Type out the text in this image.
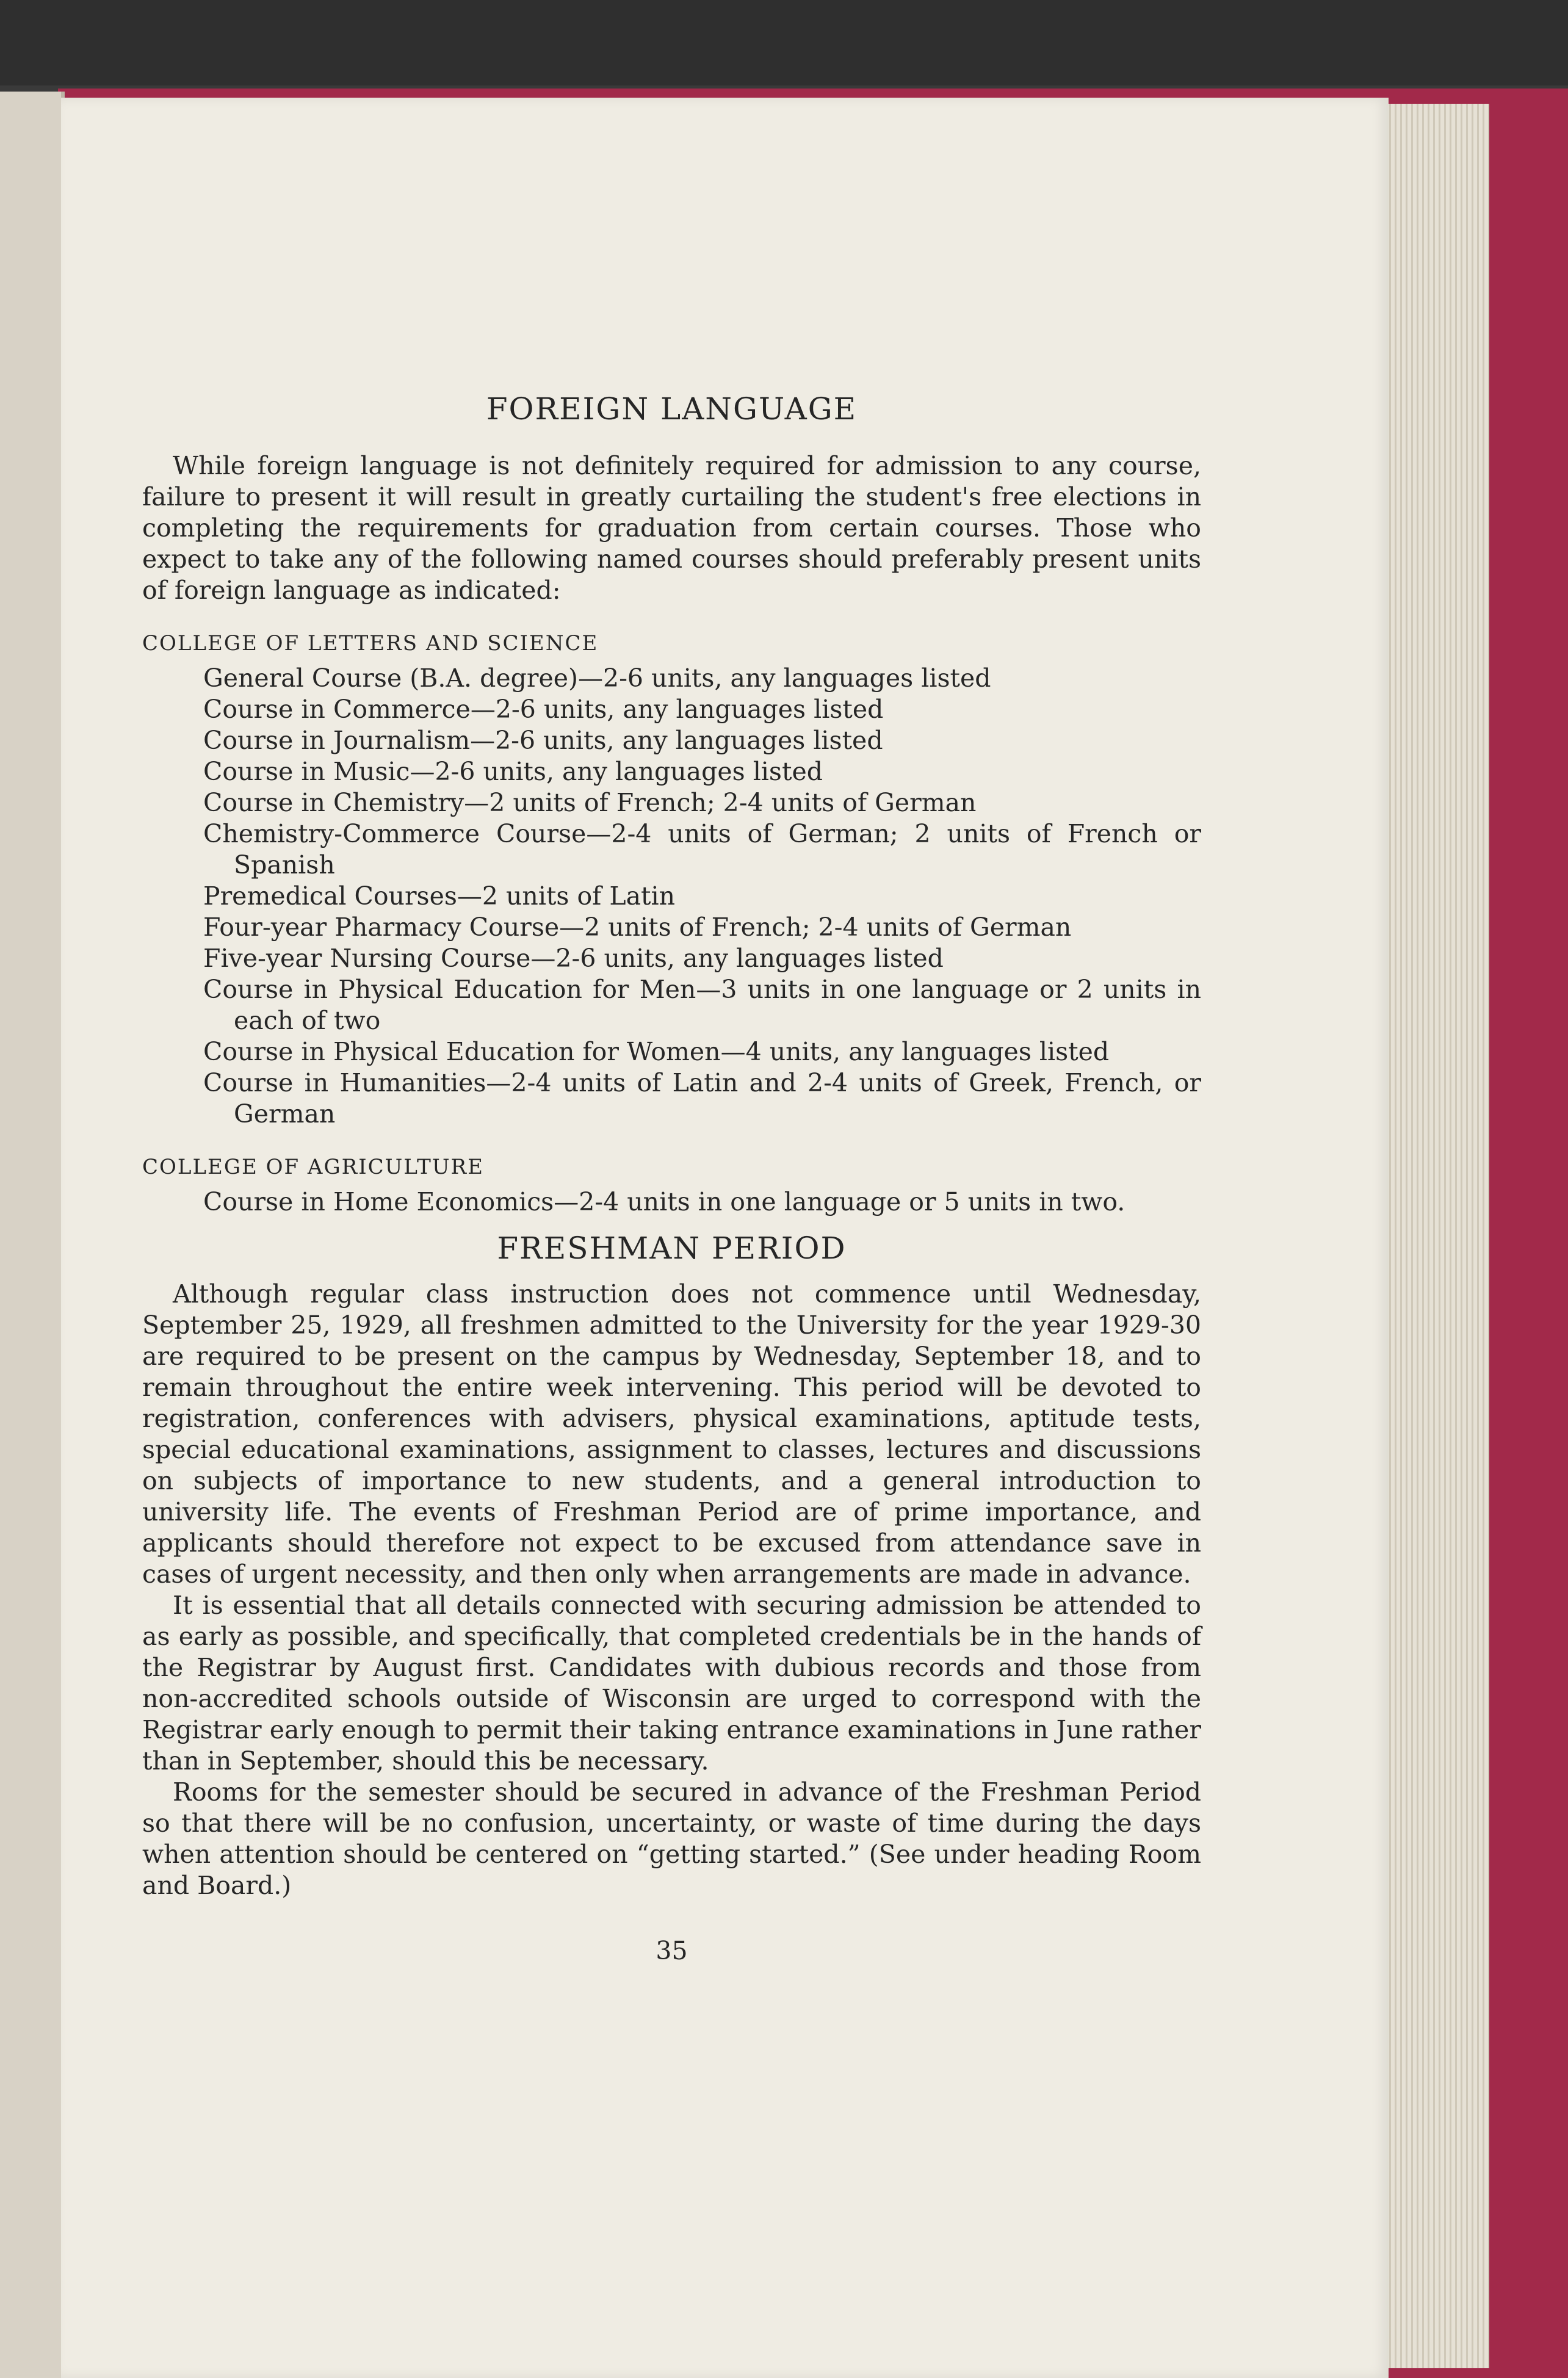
FOREIGN LANGUAGE

While foreign language is not definitely required for admission to any course, failure to present it will result in greatly curtailing the student's free elections in completing the requirements for graduation from certain courses. Those who expect to take any of the following named courses should preferably present units of foreign language as indicated:

COLLEGE OF LETTERS AND SCIENCE
General Course (B.A. degree)—2-6 units, any languages listed
Course in Commerce—2-6 units, any languages listed
Course in Journalism—2-6 units, any languages listed
Course in Music—2-6 units, any languages listed
Course in Chemistry—2 units of French; 2-4 units of German
Chemistry-Commerce Course—2-4 units of German; 2 units of French or Spanish
Premedical Courses—2 units of Latin
Four-year Pharmacy Course—2 units of French; 2-4 units of German
Five-year Nursing Course—2-6 units, any languages listed
Course in Physical Education for Men—3 units in one language or 2 units in each of two
Course in Physical Education for Women—4 units, any languages listed
Course in Humanities—2-4 units of Latin and 2-4 units of Greek, French, or German
COLLEGE OF AGRICULTURE
Course in Home Economics—2-4 units in one language or 5 units in two.
FRESHMAN PERIOD

Although regular class instruction does not commence until Wednesday, September 25, 1929, all freshmen admitted to the University for the year 1929-30 are required to be present on the campus by Wednesday, September 18, and to remain throughout the entire week intervening. This period will be devoted to registration, conferences with advisers, physical examinations, aptitude tests, special educational examinations, assignment to classes, lectures and discussions on subjects of importance to new students, and a general introduction to university life. The events of Freshman Period are of prime importance, and applicants should therefore not expect to be excused from attendance save in cases of urgent necessity, and then only when arrangements are made in advance.

It is essential that all details connected with securing admission be attended to as early as possible, and specifically, that completed credentials be in the hands of the Registrar by August first. Candidates with dubious records and those from non-accredited schools outside of Wisconsin are urged to correspond with the Registrar early enough to permit their taking entrance examinations in June rather than in September, should this be necessary.

Rooms for the semester should be secured in advance of the Freshman Period so that there will be no confusion, uncertainty, or waste of time during the days when attention should be centered on “getting started.” (See under heading Room and Board.)

35
